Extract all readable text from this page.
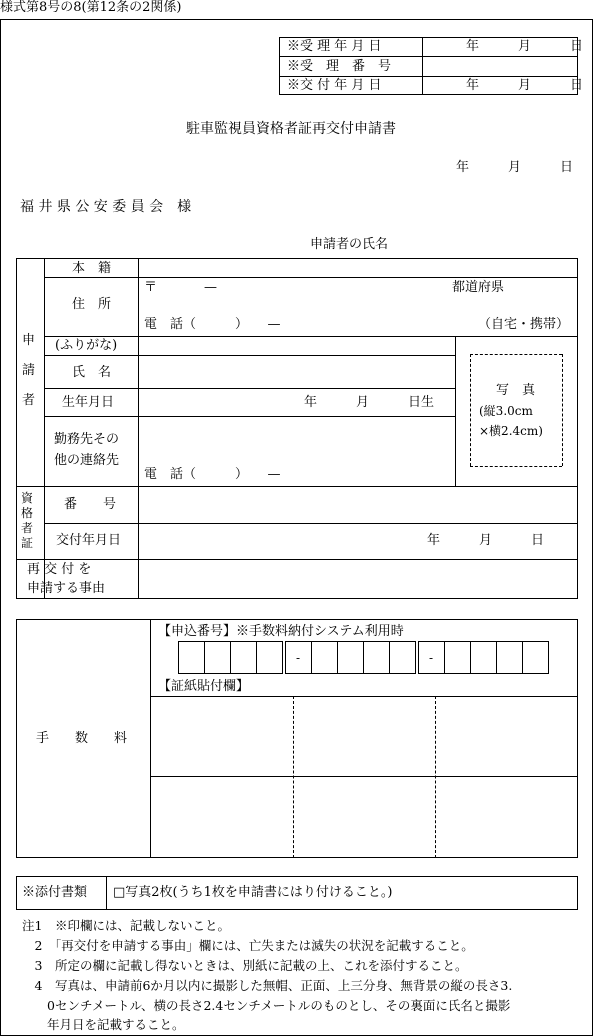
様式第8号の8(第12条の2関係)
※受 理 年 月 日	年　　　月　　　日
※受　理　番　号
※交 付 年 月 日	年　　　月　　　日
駐車監視員資格者証再交付申請書
年　　　月　　　日
福 井 県 公 安 委 員 会　様
申請者の氏名
申
請
者
本　籍
住　所
〒	—	都道府県
電　話（　　　）　　—	（自宅・携帯）
(ふりがな)
氏　名
生年月日	年　　　月　　　日生
勤務先その
他の連絡先
電　話（　　　）　　—
写　真
(縦3.0cm
×横2.4cm)
資
格
者
証
番　　号
交付年月日	年　　　月　　　日
再 交 付 を
申請する事由
手　　数　　料
【申込番号】※手数料納付システム利用時
-	-
【証紙貼付欄】
※添付書類 □写真2枚(うち1枚を申請書にはり付けること。)
注1　※印欄には、記載しないこと。
　2　「再交付を申請する事由」欄には、亡失または滅失の状況を記載すること。
　3　所定の欄に記載し得ないときは、別紙に記載の上、これを添付すること。
　4　写真は、申請前6か月以内に撮影した無帽、正面、上三分身、無背景の縦の長さ3.
　　0センチメートル、横の長さ2.4センチメートルのものとし、その裏面に氏名と撮影
　　年月日を記載すること。
